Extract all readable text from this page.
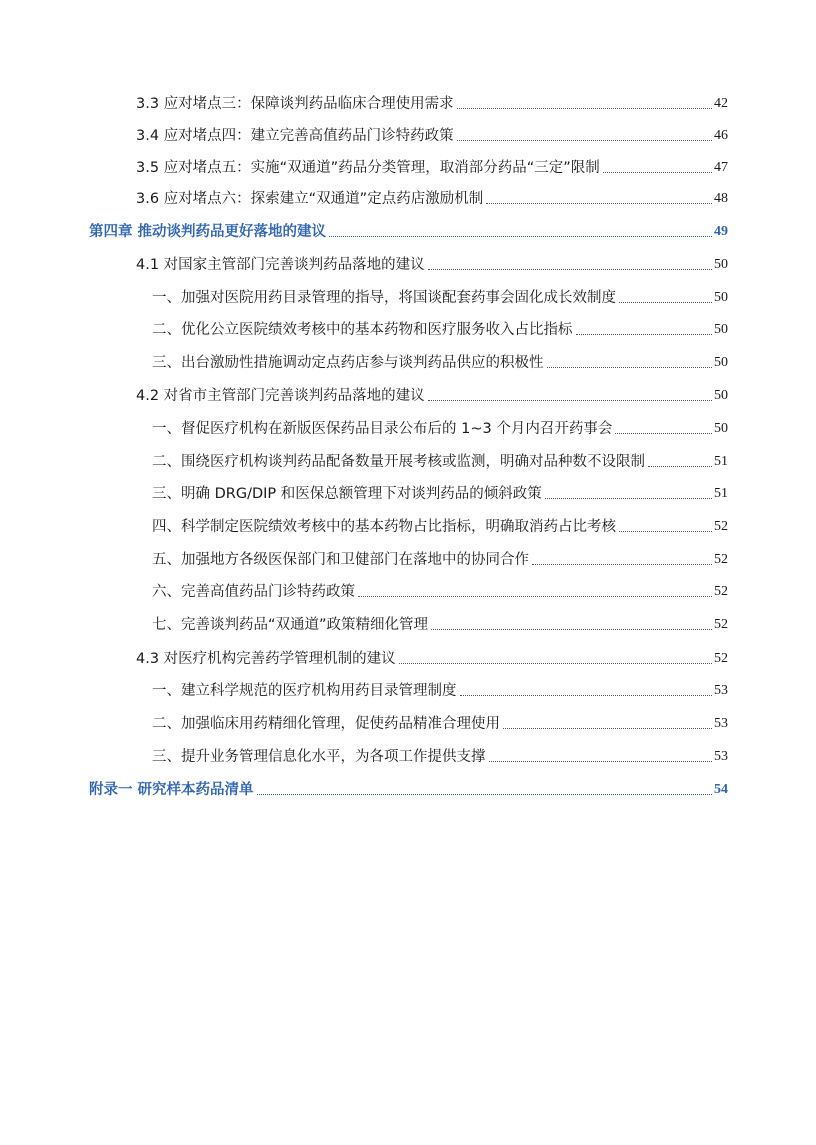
3.3 应对堵点三：保障谈判药品临床合理使用需求	42
3.4 应对堵点四：建立完善高值药品门诊特药政策	46
3.5 应对堵点五：实施“双通道”药品分类管理，取消部分药品“三定”限制	47
3.6 应对堵点六：探索建立“双通道”定点药店激励机制	48
第四章 推动谈判药品更好落地的建议	49
4.1 对国家主管部门完善谈判药品落地的建议	50
一、加强对医院用药目录管理的指导，将国谈配套药事会固化成长效制度	50
二、优化公立医院绩效考核中的基本药物和医疗服务收入占比指标	50
三、出台激励性措施调动定点药店参与谈判药品供应的积极性	50
4.2 对省市主管部门完善谈判药品落地的建议	50
一、督促医疗机构在新版医保药品目录公布后的 1~3 个月内召开药事会	50
二、围绕医疗机构谈判药品配备数量开展考核或监测，明确对品种数不设限制	51
三、明确 DRG/DIP 和医保总额管理下对谈判药品的倾斜政策	51
四、科学制定医院绩效考核中的基本药物占比指标，明确取消药占比考核	52
五、加强地方各级医保部门和卫健部门在落地中的协同合作	52
六、完善高值药品门诊特药政策	52
七、完善谈判药品“双通道”政策精细化管理	52
4.3 对医疗机构完善药学管理机制的建议	52
一、建立科学规范的医疗机构用药目录管理制度	53
二、加强临床用药精细化管理，促使药品精准合理使用	53
三、提升业务管理信息化水平，为各项工作提供支撑	53
附录一 研究样本药品清单	54
